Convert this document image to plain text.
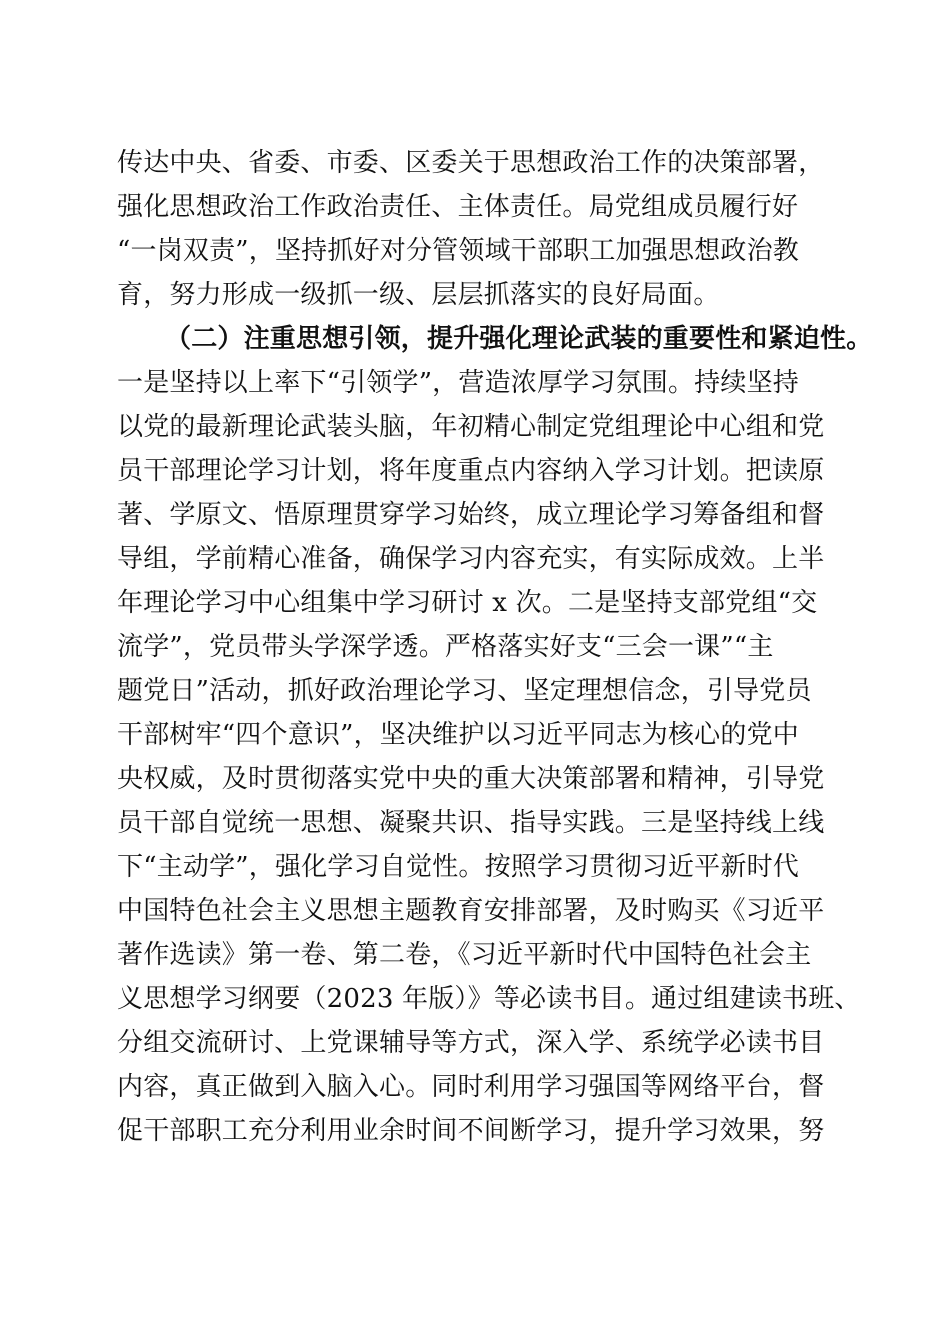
传达中央、省委、市委、区委关于思想政治工作的决策部署，
强化思想政治工作政治责任、主体责任。局党组成员履行好
“一岗双责”，坚持抓好对分管领域干部职工加强思想政治教
育，努力形成一级抓一级、层层抓落实的良好局面。
（二）注重思想引领，提升强化理论武装的重要性和紧迫性。
一是坚持以上率下“引领学”，营造浓厚学习氛围。持续坚持
以党的最新理论武装头脑，年初精心制定党组理论中心组和党
员干部理论学习计划，将年度重点内容纳入学习计划。把读原
著、学原文、悟原理贯穿学习始终，成立理论学习筹备组和督
导组，学前精心准备，确保学习内容充实，有实际成效。上半
年理论学习中心组集中学习研讨 x 次。二是坚持支部党组“交
流学”，党员带头学深学透。严格落实好支“三会一课”“主
题党日”活动，抓好政治理论学习、坚定理想信念，引导党员
干部树牢“四个意识”，坚决维护以习近平同志为核心的党中
央权威，及时贯彻落实党中央的重大决策部署和精神，引导党
员干部自觉统一思想、凝聚共识、指导实践。三是坚持线上线
下“主动学”，强化学习自觉性。按照学习贯彻习近平新时代
中国特色社会主义思想主题教育安排部署，及时购买《习近平
著作选读》第一卷、第二卷，《习近平新时代中国特色社会主
义思想学习纲要（2023 年版）》等必读书目。通过组建读书班、
分组交流研讨、上党课辅导等方式，深入学、系统学必读书目
内容，真正做到入脑入心。同时利用学习强国等网络平台，督
促干部职工充分利用业余时间不间断学习，提升学习效果，努
